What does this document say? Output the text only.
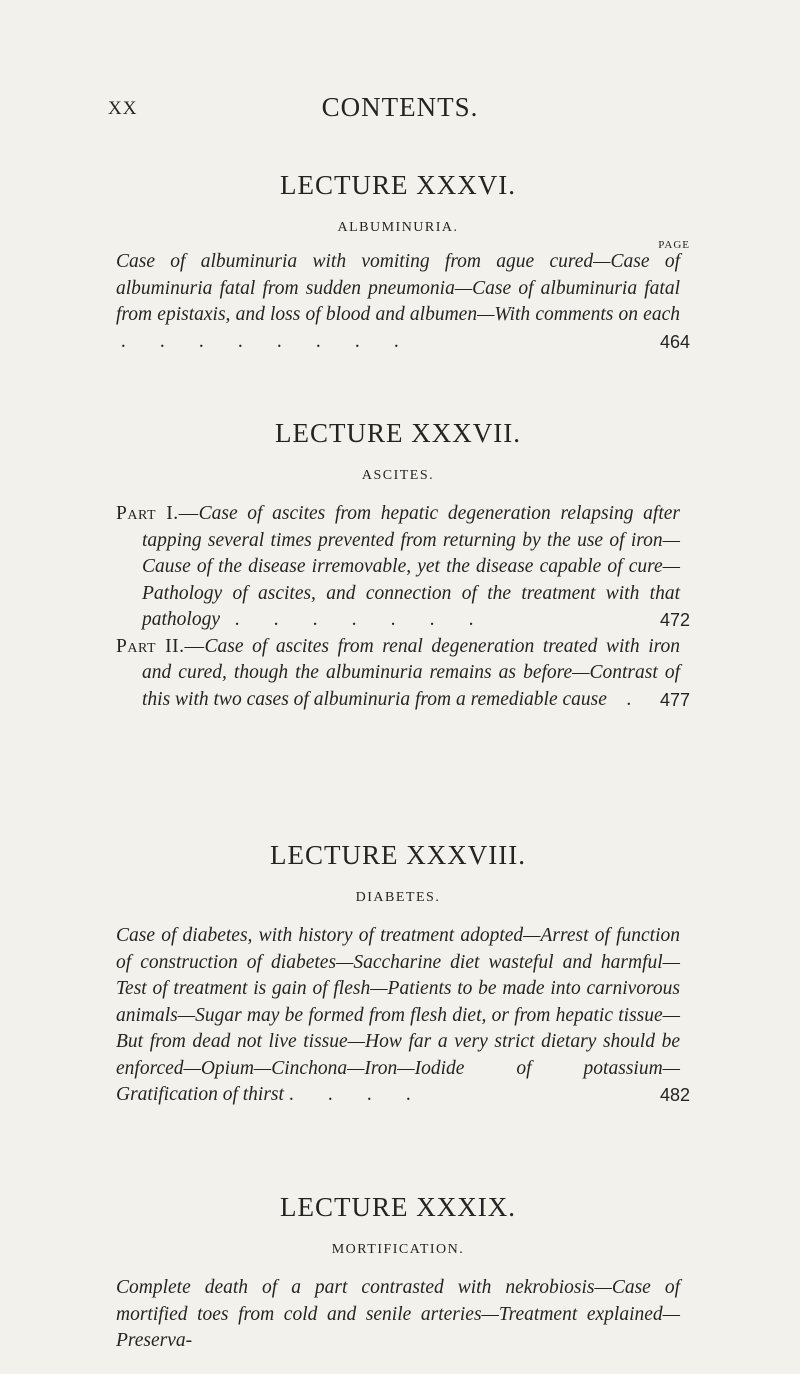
XX	CONTENTS.
LECTURE XXXVI.
ALBUMINURIA.
PAGE
Case of albuminuria with vomiting from ague cured—Case of albuminuria fatal from sudden pneumonia—Case of albuminuria fatal from epistaxis, and loss of blood and albumen—With comments on each .       .       .       .       .       .       .       .	464
LECTURE XXXVII.
ASCITES.
Part I.—Case of ascites from hepatic degeneration relapsing after tapping several times prevented from returning by the use of iron—Cause of the disease irremovable, yet the disease capable of cure—Pathology of ascites, and connection of the treatment with that pathology   .       .       .       .       .       .       .	472
Part II.—Case of ascites from renal degeneration treated with iron and cured, though the albuminuria remains as before—Contrast of this with two cases of albuminuria from a remediable cause    . 477
LECTURE XXXVIII.
DIABETES.
Case of diabetes, with history of treatment adopted—Arrest of function of construction of diabetes—Saccharine diet wasteful and harmful—Test of treatment is gain of flesh—Patients to be made into carnivorous animals—Sugar may be formed from flesh diet, or from hepatic tissue—But from dead not live tissue—How far a very strict dietary should be enforced—Opium—Cinchona—Iron—Iodide of potassium—Gratification of thirst .       .       .       .	482
LECTURE XXXIX.
MORTIFICATION.
Complete death of a part contrasted with nekrobiosis—Case of mortified toes from cold and senile arteries—Treatment explained—Preserva-
